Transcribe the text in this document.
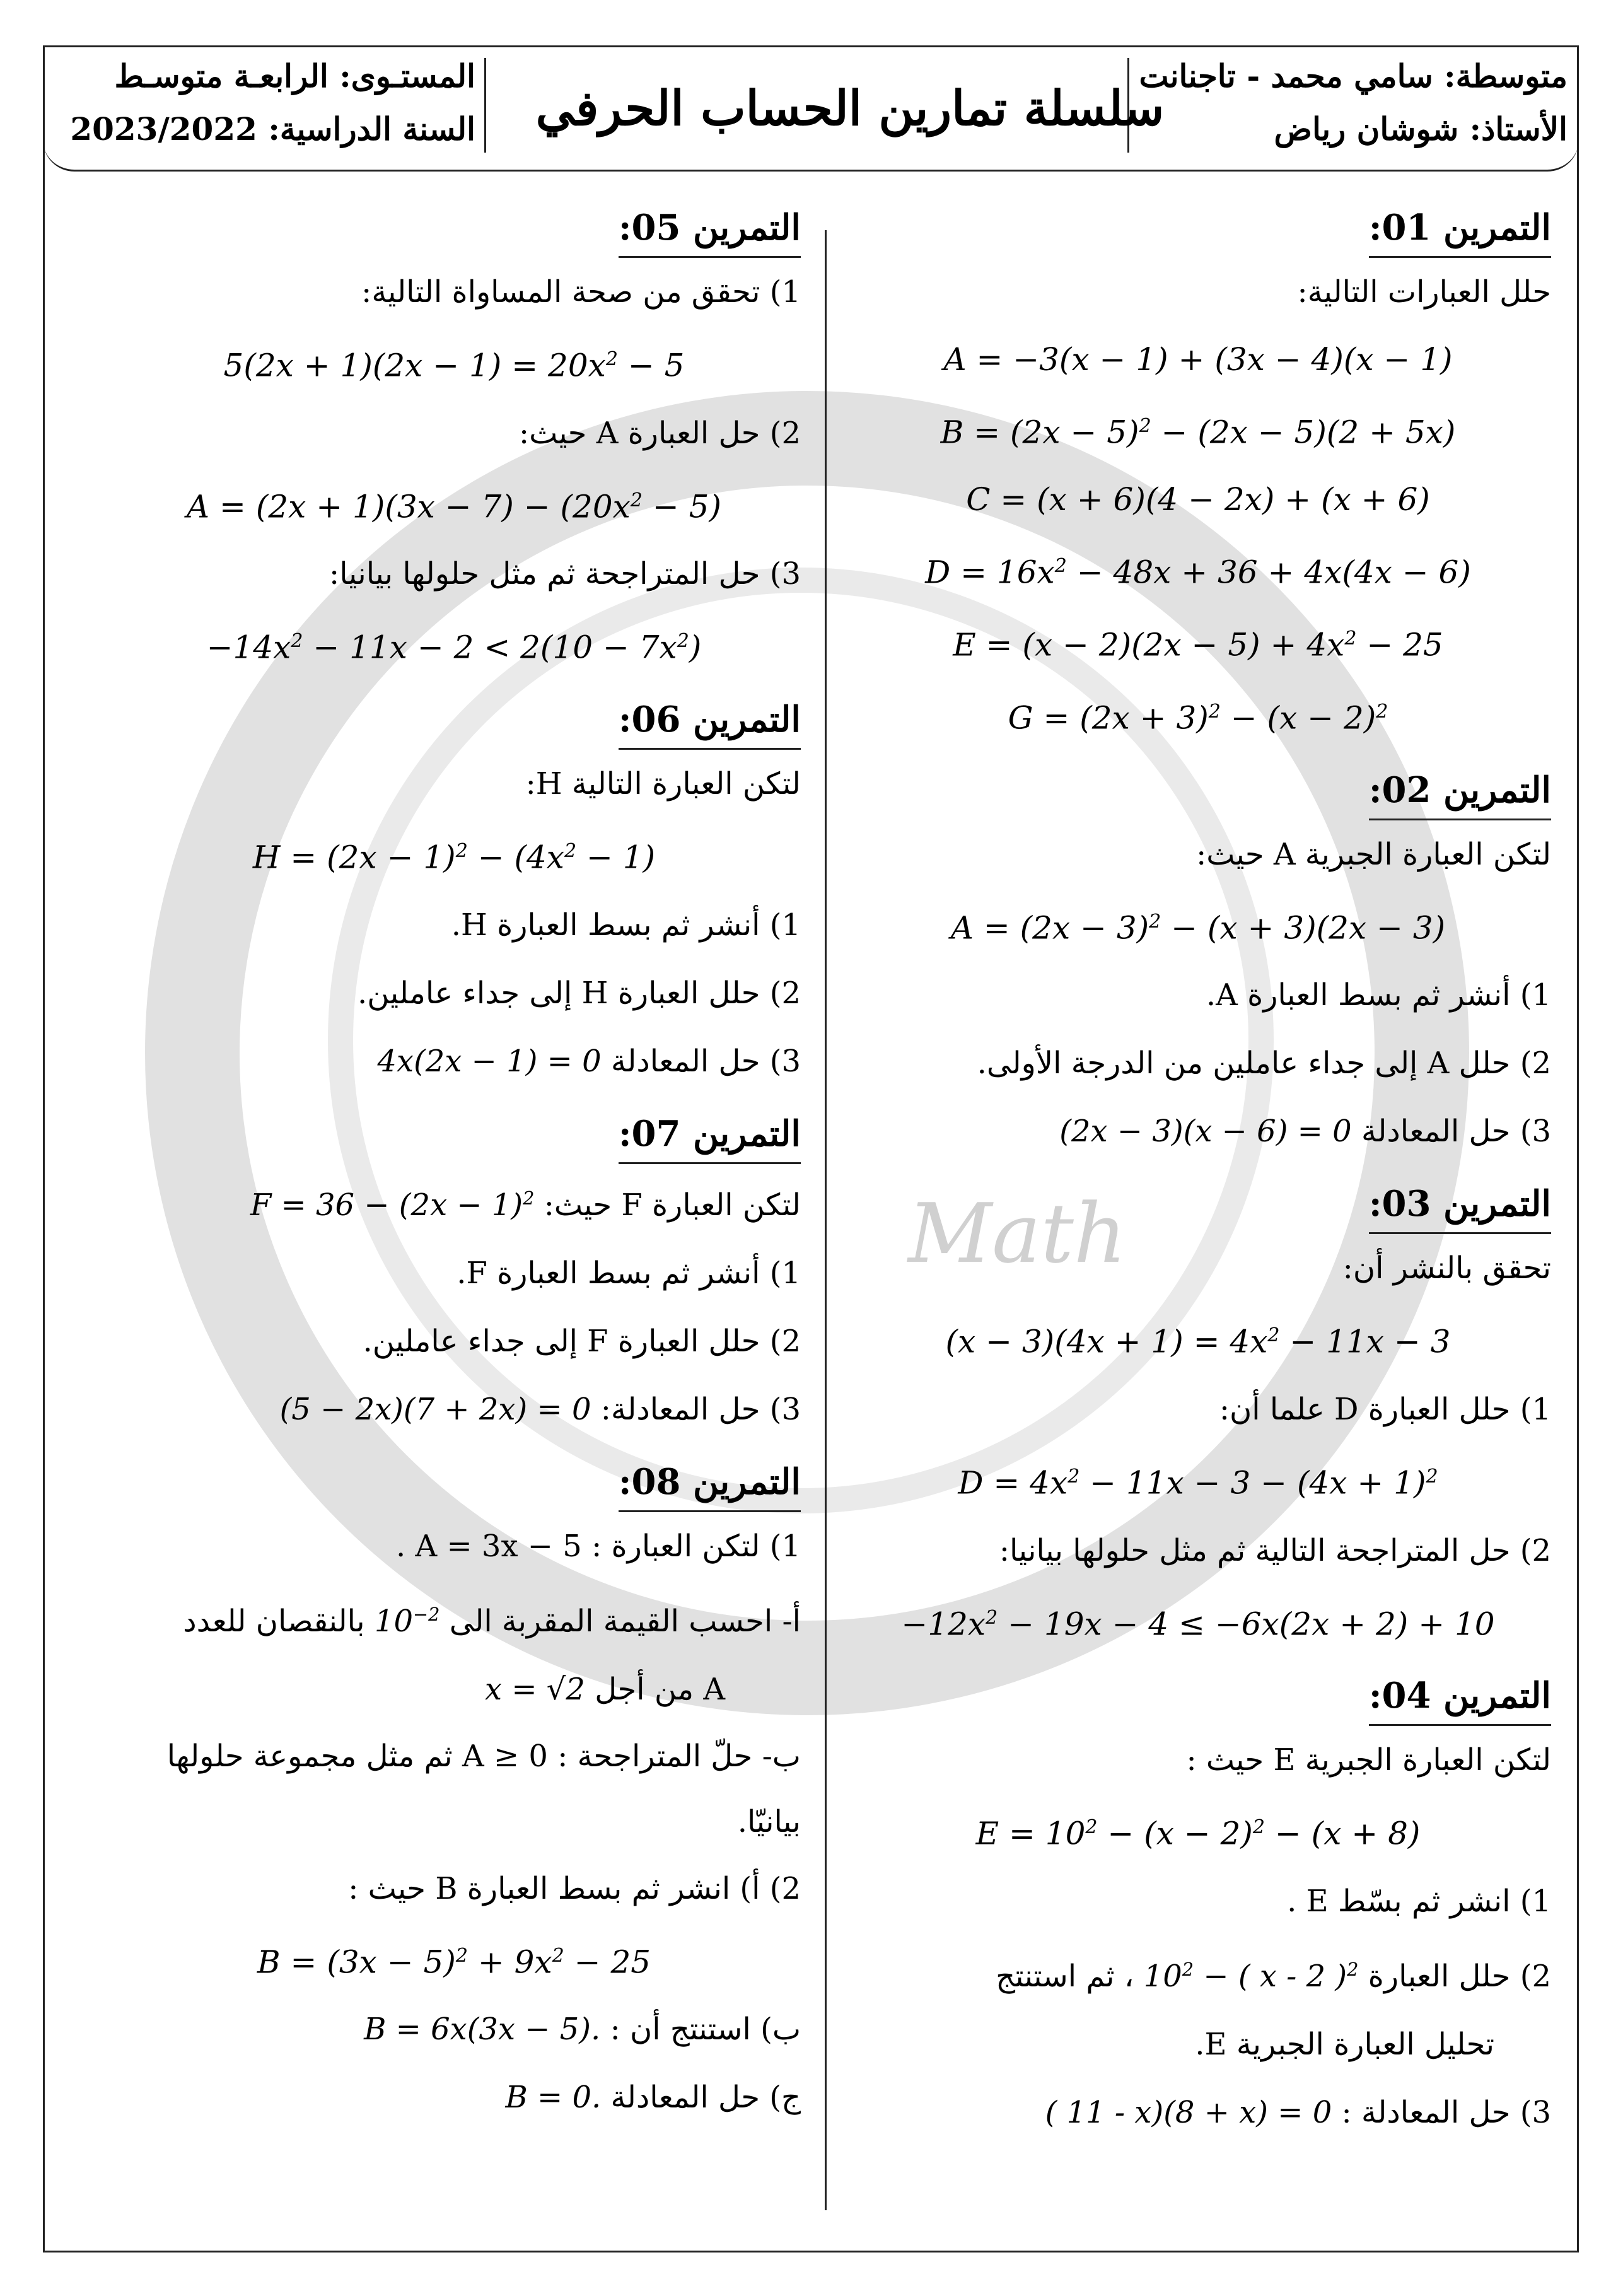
Math
متوسطة: سامي محمد - تاجنانت
الأستاذ: شوشان رياض
سلسلة تمارين الحساب الحرفي
المستـوى: الرابعـة متوسـط
السنة الدراسية: 2023/2022
التمرين 01:
حلل العبارات التالية:
A = −3(x − 1) + (3x − 4)(x − 1)
$B = (2x - 5)^2 - (2x - 5)(2 + 5x)$
C = (x + 6)(4 − 2x) + (x + 6)
$D = 16x^2 - 48x + 36 + 4x(4x - 6)$
$E = (x - 2)(2x - 5) + 4x^2 - 25$
$G = (2x + 3)^2 - (x - 2)^2$
التمرين 02:
لتكن العبارة الجبرية A حيث:
$A = (2x - 3)^2 - (x + 3)(2x - 3)$
1) أنشر ثم بسط العبارة A.
2) حلل A إلى جداء عاملين من الدرجة الأولى.
3) حل المعادلة (2x − 3)(x − 6) = 0
التمرين 03:
تحقق بالنشر أن:
$(x - 3)(4x + 1) = 4x^2 - 11x - 3$
1) حلل العبارة D علما أن:
$D = 4x^2 - 11x - 3 - (4x + 1)^2$
2) حل المتراجحة التالية ثم مثل حلولها بيانيا:
$-12x^2 - 19x - 4 \le -6x(2x + 2) + 10$
التمرين 04:
لتكن العبارة الجبرية E حيث :
$E = 10^2 - (x - 2)^2 - (x + 8)$
1) انشر ثم بسّط E .
2) حلل العبارة $10^2$ − ( x - 2 )$^2$ ، ثم استنتج
تحليل العبارة الجبرية E.
3) حل المعادلة : ( 11 - x)(8 + x) = 0
التمرين 05:
1) تحقق من صحة المساواة التالية:
$5(2x + 1)(2x - 1) = 20x^2 - 5$
2) حل العبارة A حيث:
$A = (2x + 1)(3x - 7) - (20x^2 - 5)$
3) حل المتراجحة ثم مثل حلولها بيانيا:
$-14x^2 - 11x - 2 < 2(10 - 7x^2)$
التمرين 06:
لتكن العبارة التالية H:
$H = (2x - 1)^2 - (4x^2 - 1)$
1) أنشر ثم بسط العبارة H.
2) حلل العبارة H إلى جداء عاملين.
3) حل المعادلة 4x(2x − 1) = 0
التمرين 07:
لتكن العبارة F حيث: $F = 36 - (2x - 1)^2$
1) أنشر ثم بسط العبارة F.
2) حلل العبارة F إلى جداء عاملين.
3) حل المعادلة: (5 − 2x)(7 + 2x) = 0
التمرين 08:
1) لتكن العبارة : A = 3x − 5 .
أ- احسب القيمة المقربة الى $10^{-2}$ بالنقصان للعدد
A من أجل x = √2
ب- حلّ المتراجحة : A ≥ 0 ثم مثل مجموعة حلولها بيانيّا.
2) أ) انشر ثم بسط العبارة B حيث :
$B = (3x - 5)^2 + 9x^2 - 25$
ب) استنتج أن : B = 6x(3x − 5).
ج) حل المعادلة B = 0.
